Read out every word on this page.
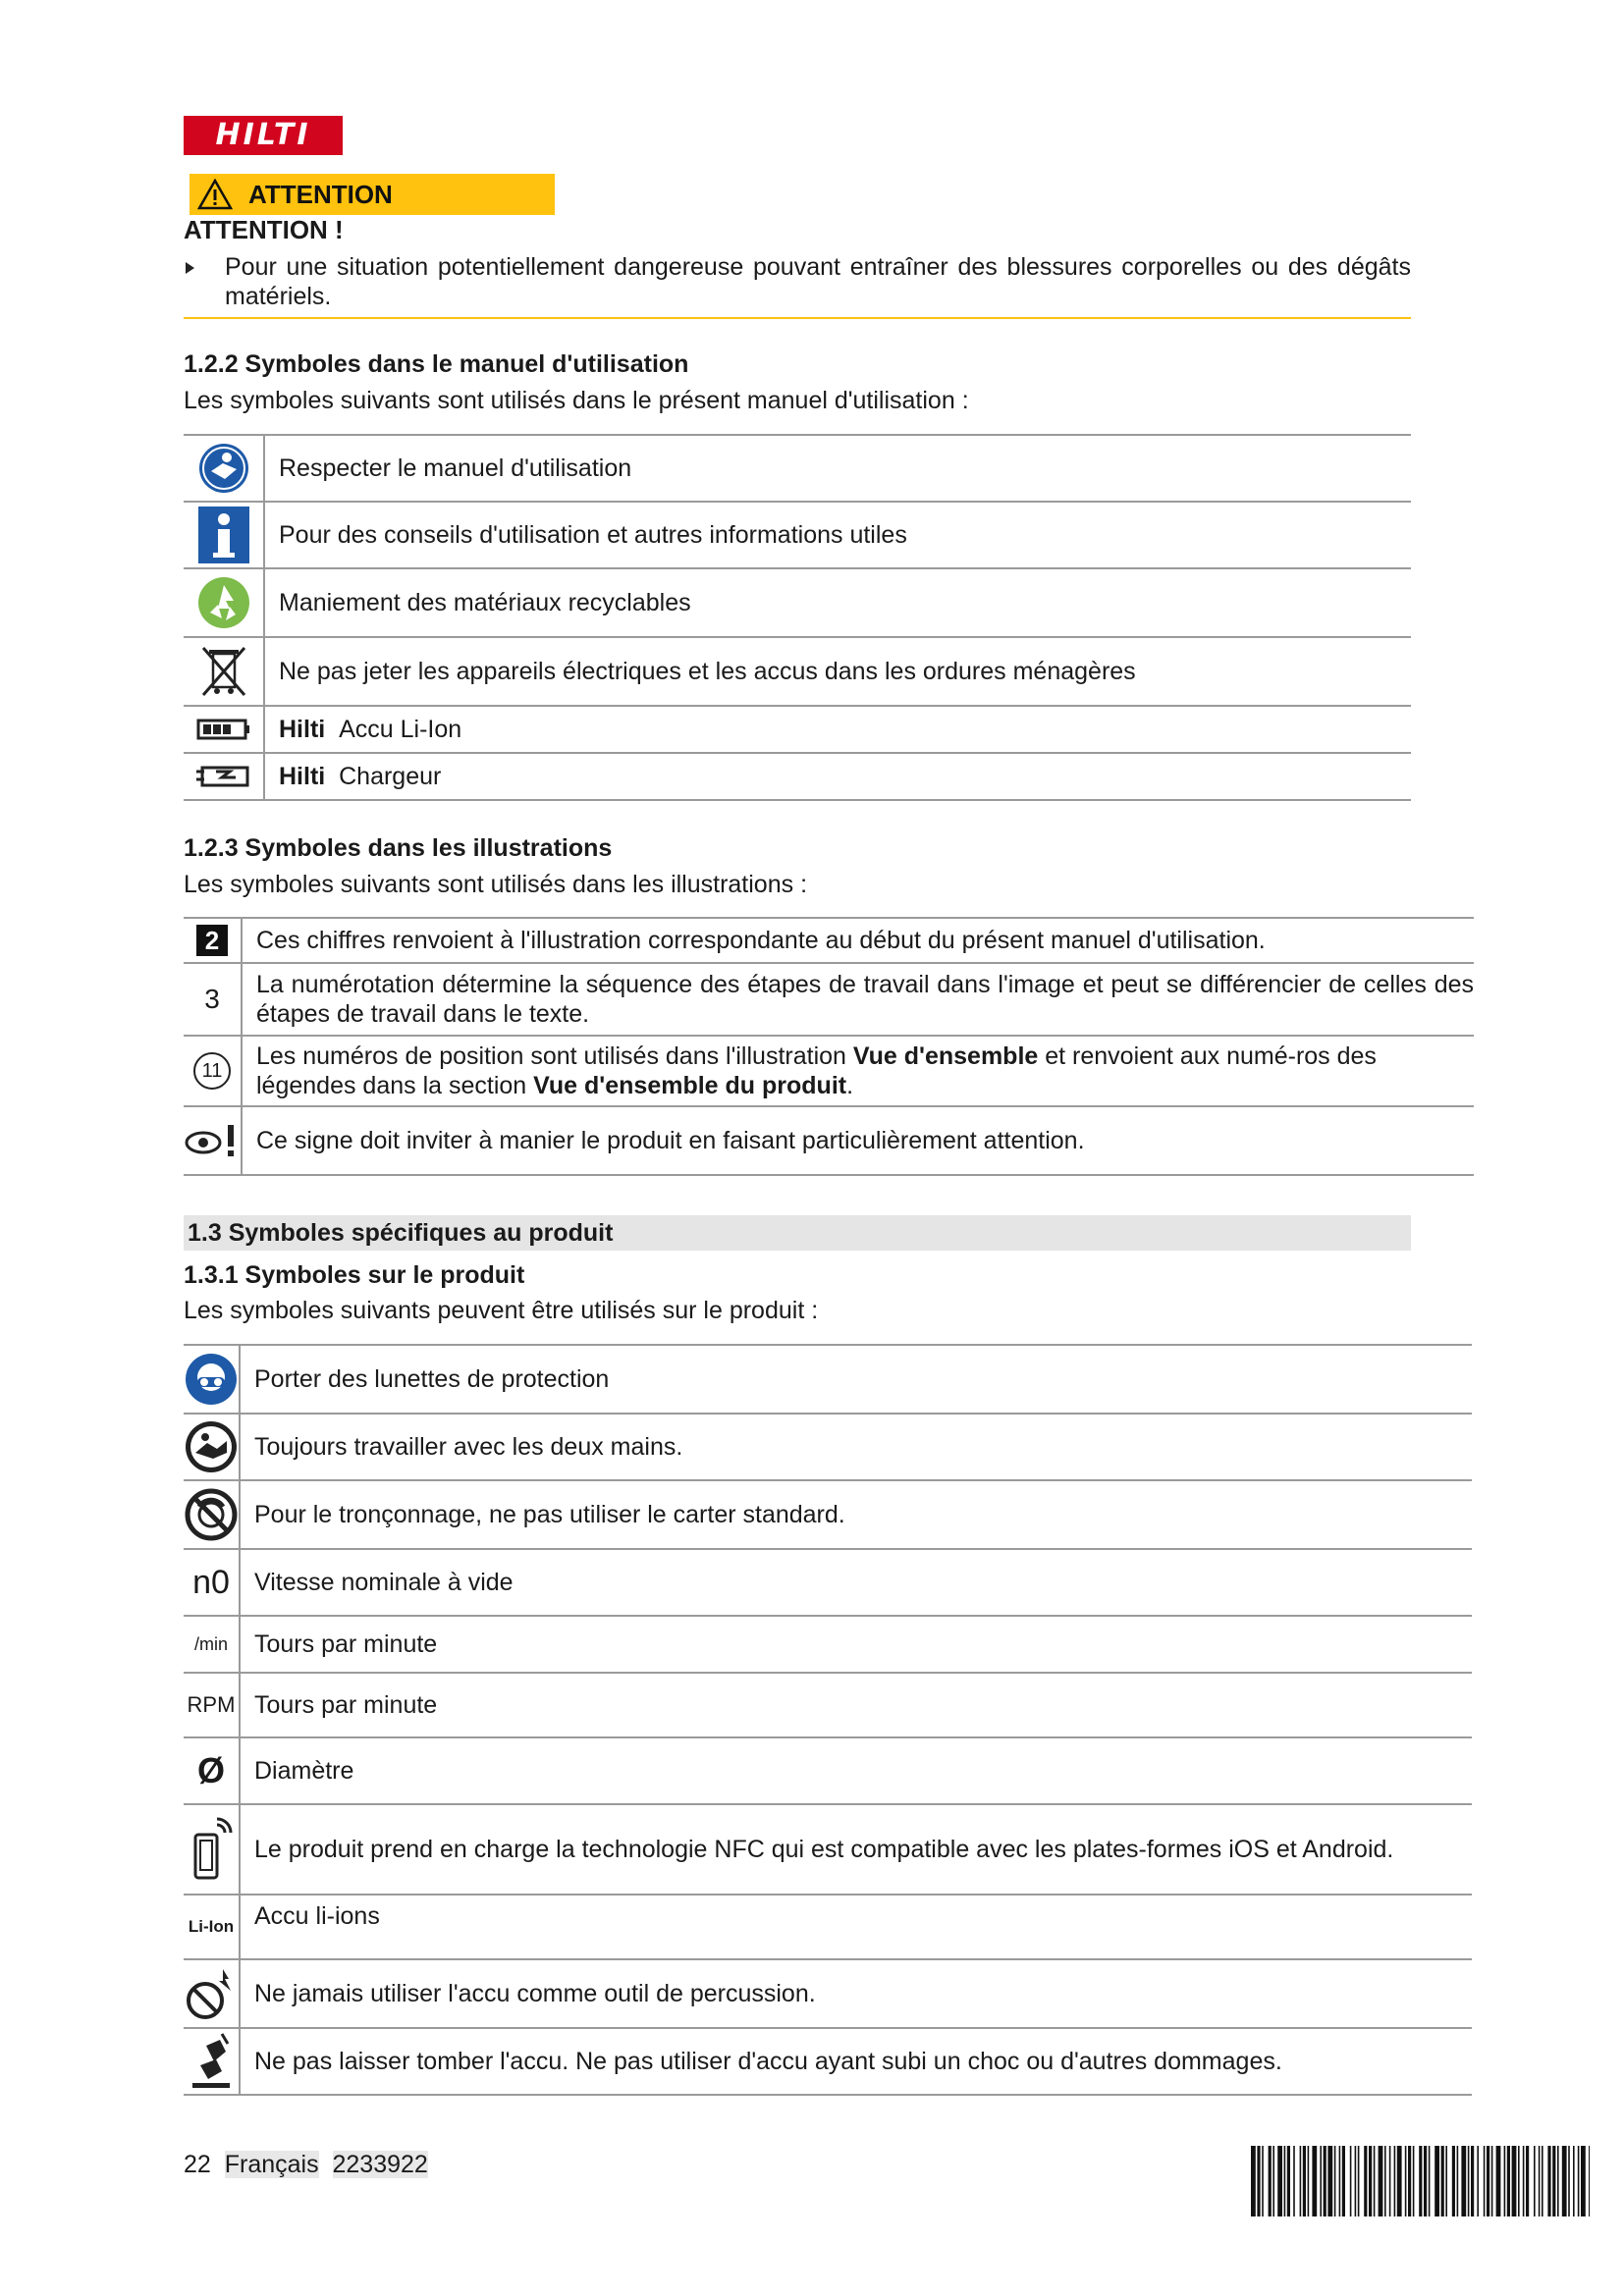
HILTI
ATTENTION
ATTENTION !
Pour une situation potentiellement dangereuse pouvant entraîner des blessures corporelles ou des dégâts matériels.
1.2.2 Symboles dans le manuel d'utilisation
Les symboles suivants sont utilisés dans le présent manuel d'utilisation :
	Respecter le manuel d'utilisation

	Pour des conseils d'utilisation et autres informations utiles

	Maniement des matériaux recyclables

	Ne pas jeter les appareils électriques et les accus dans les ordures ménagères

	Hilti Accu Li-Ion

	Hilti Chargeur
1.2.3 Symboles dans les illustrations
Les symboles suivants sont utilisés dans les illustrations :
2	Ces chiffres renvoient à l'illustration correspondante au début du présent manuel d'utilisation.
3	La numérotation détermine la séquence des étapes de travail dans l'image et peut se différencier de celles des étapes de travail dans le texte.

11	Les numéros de position sont utilisés dans l'illustration Vue d'ensemble et renvoient aux numé-ros des légendes dans la section Vue d'ensemble du produit.

	Ce signe doit inviter à manier le produit en faisant particulièrement attention.
1.3 Symboles spécifiques au produit
1.3.1 Symboles sur le produit
Les symboles suivants peuvent être utilisés sur le produit :
	Porter des lunettes de protection

	Toujours travailler avec les deux mains.

	Pour le tronçonnage, ne pas utiliser le carter standard.
n0	Vitesse nominale à vide
/min	Tours par minute
RPM	Tours par minute
Ø	Diamètre

Le produit prend en charge la technologie NFC qui est compatible avec les plates-formes iOS et Android.

Li-Ion	Accu li-ions

	Ne jamais utiliser l'accu comme outil de percussion.

	Ne pas laisser tomber l'accu. Ne pas utiliser d'accu ayant subi un choc ou d'autres dommages.
22 Français 2233922
